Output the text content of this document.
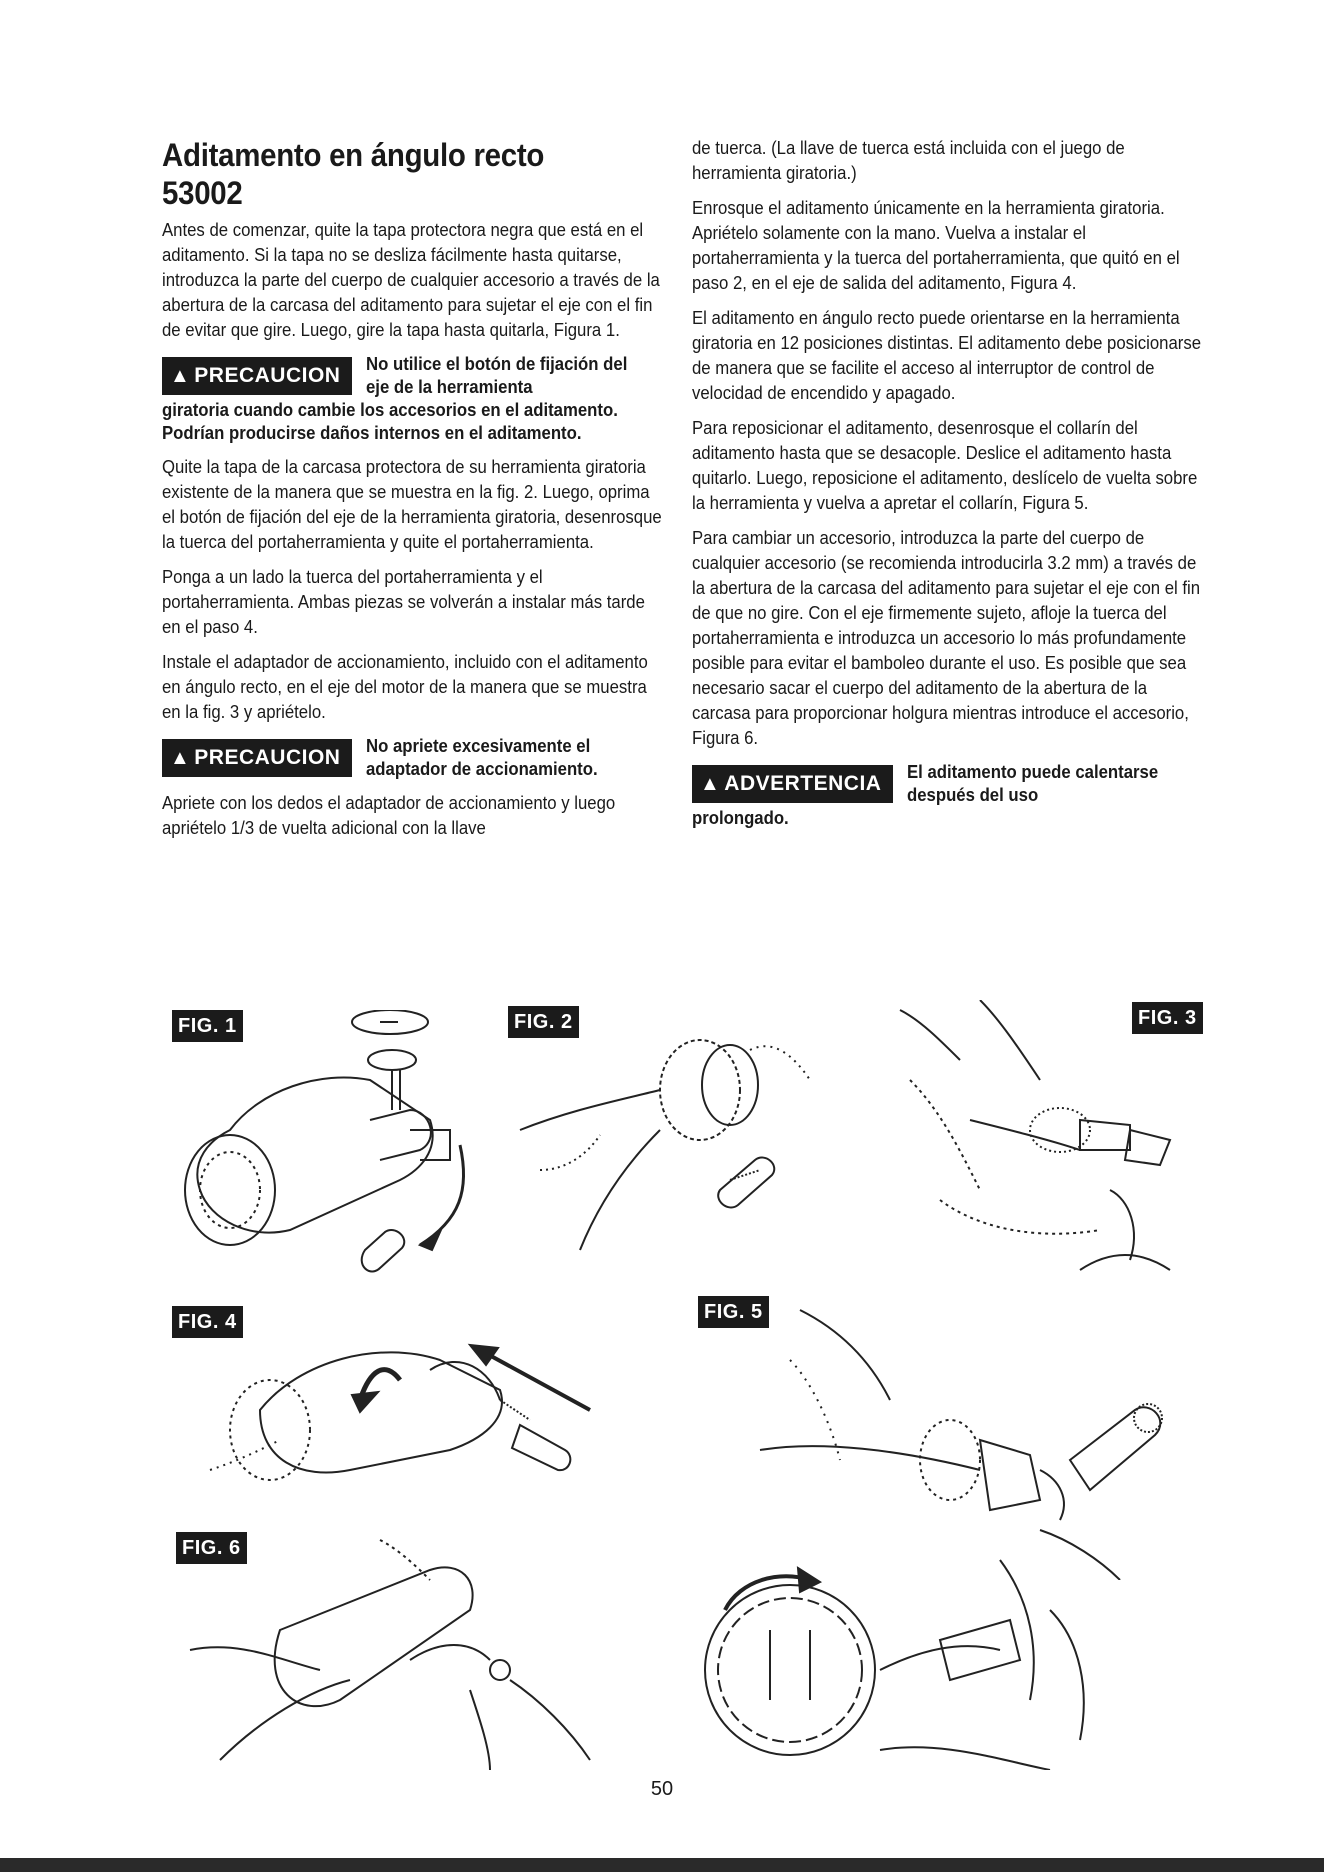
Aditamento en ángulo recto 53002

Antes de comenzar, quite la tapa protectora negra que está en el aditamento. Si la tapa no se desliza fácilmente hasta quitarse, introduzca la parte del cuerpo de cualquier accesorio a través de la abertura de la carcasa del aditamento para sujetar el eje con el fin de evitar que gire. Luego, gire la tapa hasta quitarla, Figura 1.

▲ PRECAUCION No utilice el botón de fijación del eje de la herramienta
giratoria cuando cambie los accesorios en el aditamento. Podrían producirse daños internos en el aditamento.

Quite la tapa de la carcasa protectora de su herramienta giratoria existente de la manera que se muestra en la fig. 2. Luego, oprima el botón de fijación del eje de la herramienta giratoria, desenrosque la tuerca del portaherramienta y quite el portaherramienta.

Ponga a un lado la tuerca del portaherramienta y el portaherramienta. Ambas piezas se volverán a instalar más tarde en el paso 4.

Instale el adaptador de accionamiento, incluido con el aditamento en ángulo recto, en el eje del motor de la manera que se muestra en la fig. 3 y apriételo.

▲ PRECAUCION No apriete excesivamente el adaptador de accionamiento.

Apriete con los dedos el adaptador de accionamiento y luego apriételo 1/3 de vuelta adicional con la llave

de tuerca. (La llave de tuerca está incluida con el juego de herramienta giratoria.)

Enrosque el aditamento únicamente en la herramienta giratoria. Apriételo solamente con la mano. Vuelva a instalar el portaherramienta y la tuerca del portaherramienta, que quitó en el paso 2, en el eje de salida del aditamento, Figura 4.

El aditamento en ángulo recto puede orientarse en la herramienta giratoria en 12 posiciones distintas. El aditamento debe posicionarse de manera que se facilite el acceso al interruptor de control de velocidad de encendido y apagado.

Para reposicionar el aditamento, desenrosque el collarín del aditamento hasta que se desacople. Deslice el aditamento hasta quitarlo. Luego, reposicione el aditamento, deslícelo de vuelta sobre la herramienta y vuelva a apretar el collarín, Figura 5.

Para cambiar un accesorio, introduzca la parte del cuerpo de cualquier accesorio (se recomienda introducirla 3.2 mm) a través de la abertura de la carcasa del aditamento para sujetar el eje con el fin de que no gire. Con el eje firmemente sujeto, afloje la tuerca del portaherramienta e introduzca un accesorio lo más profundamente posible para evitar el bamboleo durante el uso. Es posible que sea necesario sacar el cuerpo del aditamento de la abertura de la carcasa para proporcionar holgura mientras introduce el accesorio, Figura 6.

▲ ADVERTENCIA El aditamento puede calentarse después del uso
prolongado.
FIG. 1	FIG. 2	FIG. 3
FIG. 4	FIG. 5
FIG. 6
50
